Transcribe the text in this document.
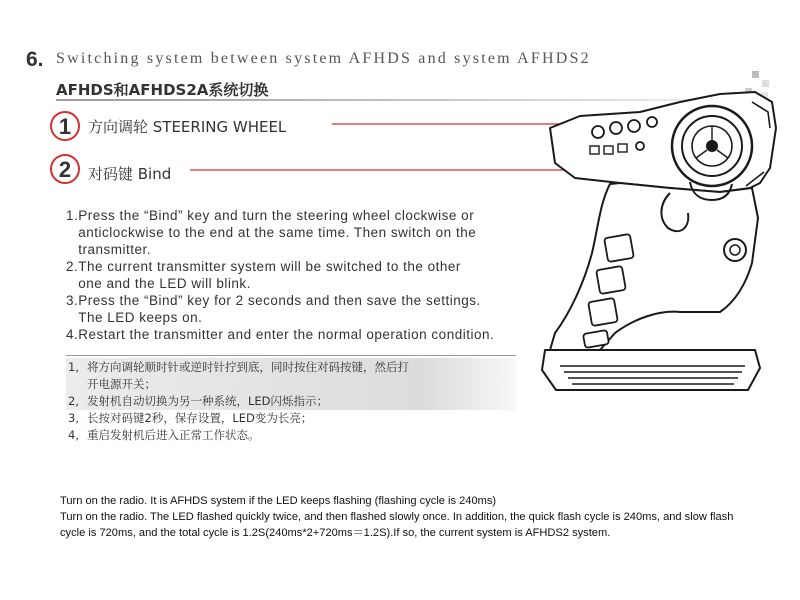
6. Switching system between system AFHDS and system AFHDS2
AFHDS和AFHDS2A系统切换
1	方向调轮 STEERING WHEEL
2	对码键 Bind
1. Press the “Bind” key and turn the steering wheel clockwise or
anticlockwise to the end at the same time. Then switch on the
transmitter.
2. The current transmitter system will be switched to the other
one and the LED will blink.
3. Press the “Bind” key for 2 seconds and then save the settings.
The LED keeps on.
4. Restart the transmitter and enter the normal operation condition.
1, 将方向调轮顺时针或逆时针拧到底，同时按住对码按键，然后打
开电源开关；
2, 发射机自动切换为另一种系统，LED闪烁指示；
3, 长按对码键2秒，保存设置，LED变为长亮；
4, 重启发射机后进入正常工作状态。

Turn on the radio. It is AFHDS system if the LED keeps flashing (flashing cycle is 240ms)

Turn on the radio. The LED flashed quickly twice, and then flashed slowly once. In addition, the quick flash cycle is 240ms, and slow flash cycle is 720ms, and the total cycle is 1.2S(240ms*2+720ms＝1.2S).If so, the current system is AFHDS2 system.
